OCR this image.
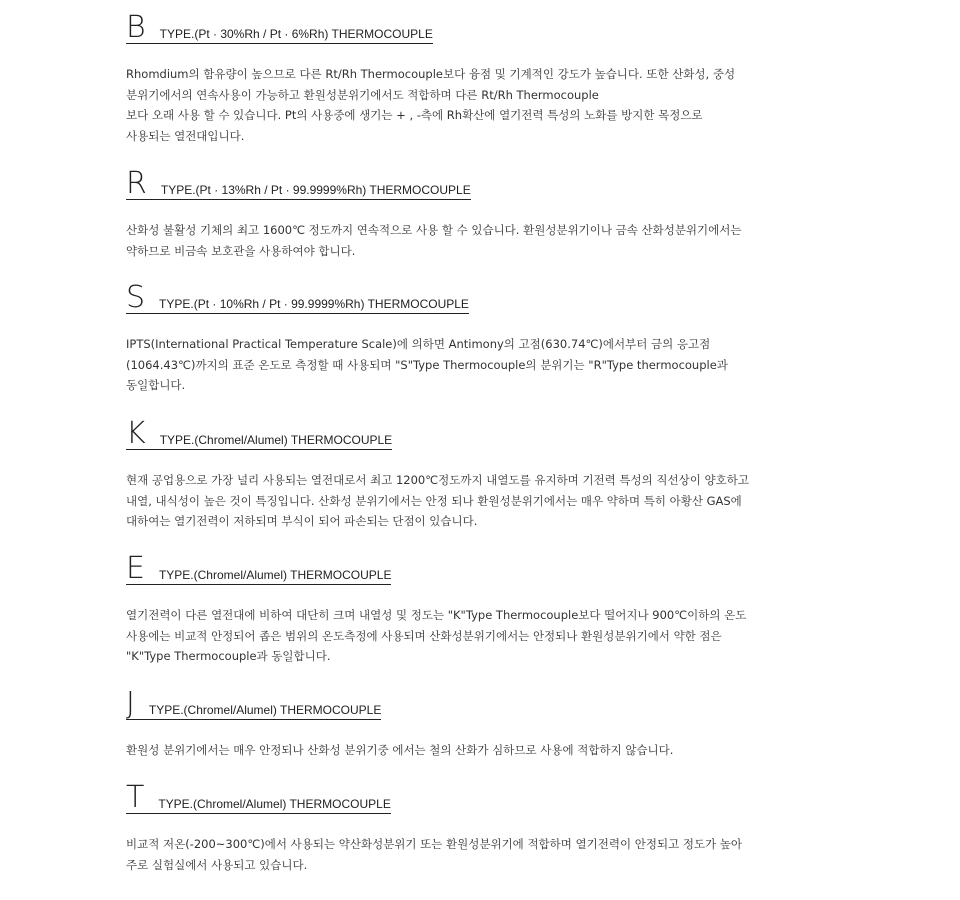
B TYPE.(Pt · 30%Rh / Pt · 6%Rh) THERMOCOUPLE
Rhomdium의 함유량이 높으므로 다른 Rt/Rh Thermocouple보다 융점 및 기계적인 강도가 높습니다. 또한 산화성, 중성
분위기에서의 연속사용이 가능하고 환원성분위기에서도 적합하며 다른 Rt/Rh Thermocouple
보다 오래 사용 할 수 있습니다. Pt의 사용중에 생기는 + , -측에 Rh확산에 열기전력 특성의 노화를 방지한 목정으로
사용되는 열전대입니다.
R TYPE.(Pt · 13%Rh / Pt · 99.9999%Rh) THERMOCOUPLE
산화성 불활성 기체의 최고 1600℃ 정도까지 연속적으로 사용 할 수 있습니다. 환원성분위기이나 금속 산화성분위기에서는
약하므로 비금속 보호관을 사용하여야 합니다.
S TYPE.(Pt · 10%Rh / Pt · 99.9999%Rh) THERMOCOUPLE
IPTS(International Practical Temperature Scale)에 의하면 Antimony의 고점(630.74℃)에서부터 금의 응고점
(1064.43℃)까지의 표준 온도로 측정할 때 사용되며 "S"Type Thermocouple의 분위기는 "R"Type thermocouple과
동일합니다.
K TYPE.(Chromel/Alumel) THERMOCOUPLE
현재 공업용으로 가장 널리 사용되는 열전대로서 최고 1200℃정도까지 내열도를 유지하며 기전력 특성의 직선상이 양호하고
내열, 내식성이 높은 것이 특징입니다. 산화성 분위기에서는 안정 되나 환원성분위기에서는 매우 약하며 특히 아황산 GAS에
대하여는 열기전력이 저하되며 부식이 되어 파손되는 단점이 있습니다.
E TYPE.(Chromel/Alumel) THERMOCOUPLE
열기전력이 다른 열전대에 비하여 대단히 크며 내열성 및 정도는 "K"Type Thermocouple보다 떨어지나 900℃이하의 온도
사용에는 비교적 안정되어 좁은 범위의 온도측정에 사용되며 산화성분위기에서는 안정되나 환원성분위기에서 약한 점은
"K"Type Thermocouple과 동일합니다.
J TYPE.(Chromel/Alumel) THERMOCOUPLE
환원성 분위기에서는 매우 안정되나 산화성 분위기중 에서는 철의 산화가 심하므로 사용에 적합하지 않습니다.
T TYPE.(Chromel/Alumel) THERMOCOUPLE
비교적 저온(-200~300℃)에서 사용되는 약산화성분위기 또는 환원성분위기에 적합하며 열기전력이 안정되고 정도가 높아
주로 실험실에서 사용되고 있습니다.
